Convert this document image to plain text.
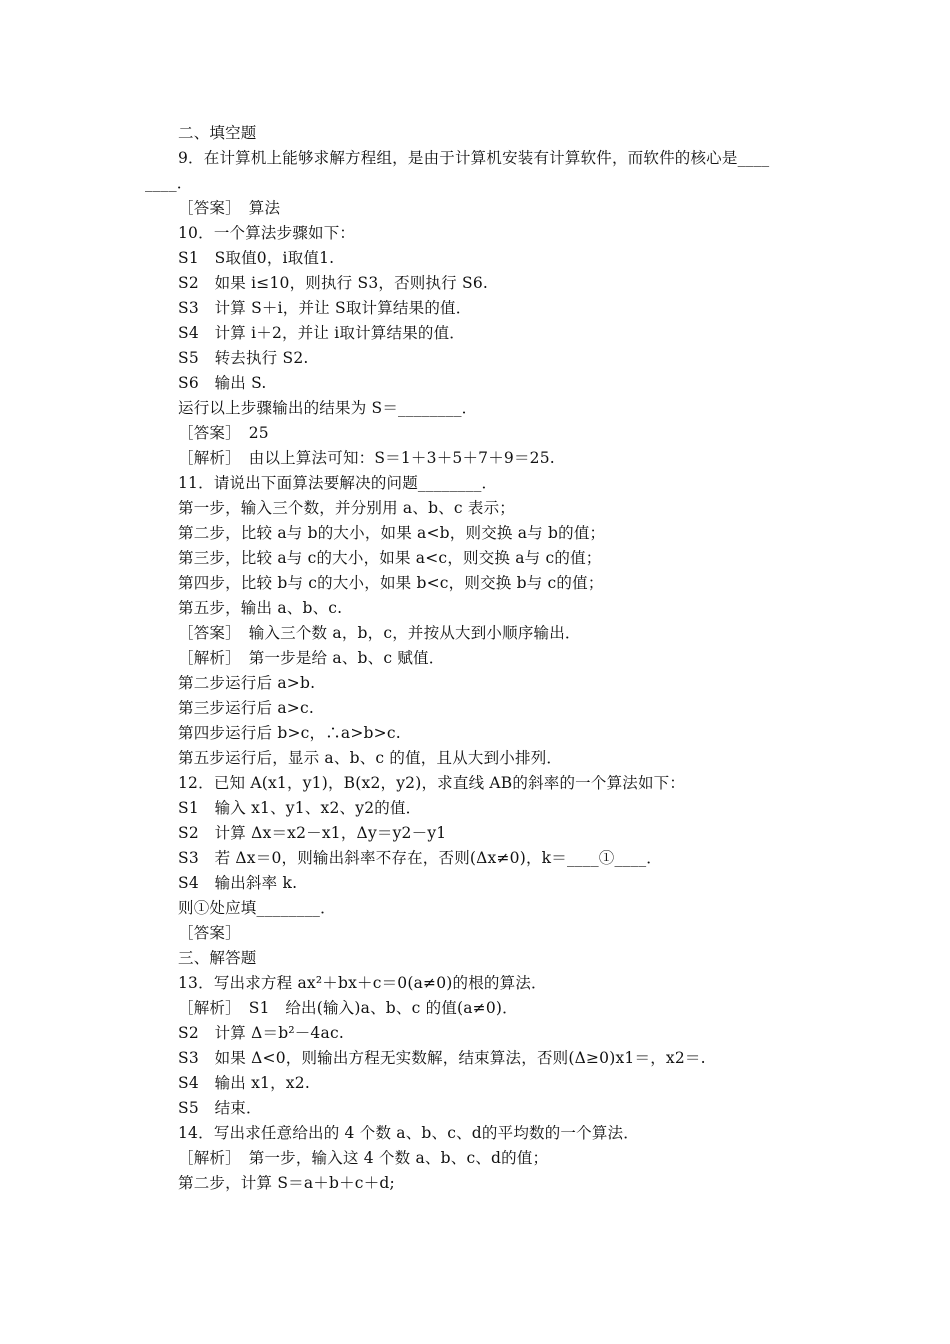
二、填空题
9．在计算机上能够求解方程组，是由于计算机安装有计算软件，而软件的核心是____
____．
［答案］　算法
10．一个算法步骤如下：
S1　S取值0，i取值1.
S2　如果 i≤10，则执行 S3，否则执行 S6.
S3　计算 S＋i，并让 S取计算结果的值．
S4　计算 i＋2，并让 i取计算结果的值．
S5　转去执行 S2.
S6　输出 S.
运行以上步骤输出的结果为 S＝________．
［答案］　25
［解析］　由以上算法可知：S＝1＋3＋5＋7＋9＝25.
11．请说出下面算法要解决的问题________．
第一步，输入三个数，并分别用 a、b、c 表示；
第二步，比较 a与 b的大小，如果 a<b，则交换 a与 b的值；
第三步，比较 a与 c的大小，如果 a<c，则交换 a与 c的值；
第四步，比较 b与 c的大小，如果 b<c，则交换 b与 c的值；
第五步，输出 a、b、c.
［答案］　输入三个数 a，b，c，并按从大到小顺序输出．
［解析］　第一步是给 a、b、c 赋值．
第二步运行后 a>b.
第三步运行后 a>c.
第四步运行后 b>c，∴a>b>c.
第五步运行后，显示 a、b、c 的值，且从大到小排列．
12．已知 A(x1，y1)，B(x2，y2)，求直线 AB的斜率的一个算法如下：
S1　输入 x1、y1、x2、y2的值．
S2　计算 Δx＝x2－x1，Δy＝y2－y1
S3　若 Δx＝0，则输出斜率不存在，否则(Δx≠0)，k＝____①____．
S4　输出斜率 k.
则①处应填________．
［答案］
三、解答题
13．写出求方程 ax²＋bx＋c＝0(a≠0)的根的算法．
［解析］　S1　给出(输入)a、b、c 的值(a≠0)．
S2　计算 Δ＝b²－4ac.
S3　如果 Δ<0，则输出方程无实数解，结束算法，否则(Δ≥0)x1＝，x2＝.
S4　输出 x1，x2.
S5　结束．
14．写出求任意给出的 4 个数 a、b、c、d的平均数的一个算法．
［解析］　第一步，输入这 4 个数 a、b、c、d的值；
第二步，计算 S＝a＋b＋c＋d;
